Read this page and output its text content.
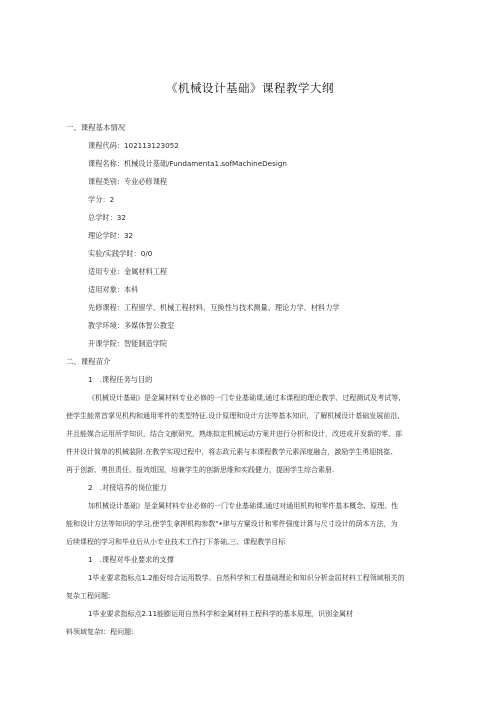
《机械设计基础》课程教学大纲
一、课程基本情况
课程代码：102113123052
课程名称：机械设计基础/Fundamenta1.sofMachineDesign
课程类别：专业必修课程
学分：2
总学时：32
理论学时：32
实验/实践学时：0/0
适用专业：金属材料工程
适用对象：本科
先修课程：工程留学、机械工程材料、互换性与技术测量、理论力学、材料力学
教学环境：多媒体智公教室
开课学院：智能制造学院
二、课程苗介
1　.课程任务与目的
《机械设计基础》是金属材料专业必修的一门专业基础课,通过本课程的理论教学、过程测试及考试等,
使学生能常首掌见机构和通用零件的类型特征.设计原理和设计方法等基本知识，了解机械设计基础发展前沿,
并且能媒合运用所学知识，结合文献研究，熟练拟定机械运动方案并进行分析和设计，改进或开发新的零、部
件并设计简单的机械装附.在教学实现过程中，将志政元素与本课程教学元素深度融合，激励学生勇迎挑崔、
再于创新、勇担责任、报效组国，培兼学生的创新思维和实践健力，提困学生综合素册.
2　.对接培养的岗位能力
加机械设计基础》是金属材料专业必修的一门专业基础课,通过对通用机构和零件基本概念、原理、性
能和设计方法等知识的学习,使学生拿押机构参数"•律与方窠设计和零件强度计算与尺寸设计的荫本方法，为
后续课程的学习和毕业后从小专业技术工作打下茶础,三、课程教学目标
1　.课程对毕业要求的支撑
1毕业要求指标点1.2能好综合运用数学、自然科学和工程基础理论和知识分析金屈材料工程领域相关的
复杂工程问题:
1毕业要求指标点2.11能膨运用自然科学和金属材料工程科学的基本原理，识别金属材
料领域复杂I：程问题:
